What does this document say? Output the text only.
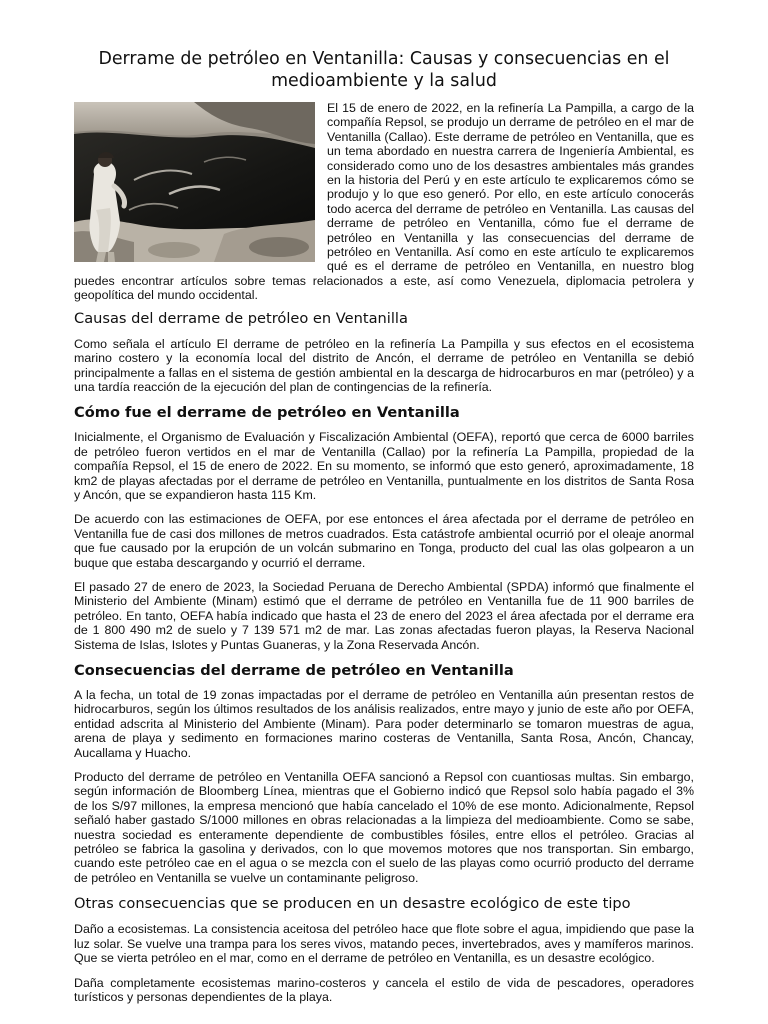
Derrame de petróleo en Ventanilla: Causas y consecuencias en el medioambiente y la salud

El 15 de enero de 2022, en la refinería La Pampilla, a cargo de la compañía Repsol, se produjo un derrame de petróleo en el mar de Ventanilla (Callao). Este derrame de petróleo en Ventanilla, que es un tema abordado en nuestra carrera de Ingeniería Ambiental, es considerado como uno de los desastres ambientales más grandes en la historia del Perú y en este artículo te explicaremos cómo se produjo y lo que eso generó. Por ello, en este artículo conocerás todo acerca del derrame de petróleo en Ventanilla. Las causas del derrame de petróleo en Ventanilla, cómo fue el derrame de petróleo en Ventanilla y las consecuencias del derrame de petróleo en Ventanilla. Así como en este artículo te explicaremos qué es el derrame de petróleo en Ventanilla, en nuestro blog puedes encontrar artículos sobre temas relacionados a este, así como Venezuela, diplomacia petrolera y geopolítica del mundo occidental.

Causas del derrame de petróleo en Ventanilla

Como señala el artículo El derrame de petróleo en la refinería La Pampilla y sus efectos en el ecosistema marino costero y la economía local del distrito de Ancón, el derrame de petróleo en Ventanilla se debió principalmente a fallas en el sistema de gestión ambiental en la descarga de hidrocarburos en mar (petróleo) y a una tardía reacción de la ejecución del plan de contingencias de la refinería.

Cómo fue el derrame de petróleo en Ventanilla

Inicialmente, el Organismo de Evaluación y Fiscalización Ambiental (OEFA), reportó que cerca de 6000 barriles de petróleo fueron vertidos en el mar de Ventanilla (Callao) por la refinería La Pampilla, propiedad de la compañía Repsol, el 15 de enero de 2022. En su momento, se informó que esto generó, aproximadamente, 18 km2 de playas afectadas por el derrame de petróleo en Ventanilla, puntualmente en los distritos de Santa Rosa y Ancón, que se expandieron hasta 115 Km.

De acuerdo con las estimaciones de OEFA, por ese entonces el área afectada por el derrame de petróleo en Ventanilla fue de casi dos millones de metros cuadrados. Esta catástrofe ambiental ocurrió por el oleaje anormal que fue causado por la erupción de un volcán submarino en Tonga, producto del cual las olas golpearon a un buque que estaba descargando y ocurrió el derrame.

El pasado 27 de enero de 2023, la Sociedad Peruana de Derecho Ambiental (SPDA) informó que finalmente el Ministerio del Ambiente (Minam) estimó que el derrame de petróleo en Ventanilla fue de 11 900 barriles de petróleo. En tanto, OEFA había indicado que hasta el 23 de enero del 2023 el área afectada por el derrame era de 1 800 490 m2 de suelo y 7 139 571 m2 de mar. Las zonas afectadas fueron playas, la Reserva Nacional Sistema de Islas, Islotes y Puntas Guaneras, y la Zona Reservada Ancón.

Consecuencias del derrame de petróleo en Ventanilla

A la fecha, un total de 19 zonas impactadas por el derrame de petróleo en Ventanilla aún presentan restos de hidrocarburos, según los últimos resultados de los análisis realizados, entre mayo y junio de este año por OEFA, entidad adscrita al Ministerio del Ambiente (Minam). Para poder determinarlo se tomaron muestras de agua, arena de playa y sedimento en formaciones marino costeras de Ventanilla, Santa Rosa, Ancón, Chancay, Aucallama y Huacho.

Producto del derrame de petróleo en Ventanilla OEFA sancionó a Repsol con cuantiosas multas. Sin embargo, según información de Bloomberg Línea, mientras que el Gobierno indicó que Repsol solo había pagado el 3% de los S/97 millones, la empresa mencionó que había cancelado el 10% de ese monto. Adicionalmente, Repsol señaló haber gastado S/1000 millones en obras relacionadas a la limpieza del medioambiente. Como se sabe, nuestra sociedad es enteramente dependiente de combustibles fósiles, entre ellos el petróleo. Gracias al petróleo se fabrica la gasolina y derivados, con lo que movemos motores que nos transportan. Sin embargo, cuando este petróleo cae en el agua o se mezcla con el suelo de las playas como ocurrió producto del derrame de petróleo en Ventanilla se vuelve un contaminante peligroso.

Otras consecuencias que se producen en un desastre ecológico de este tipo

Daño a ecosistemas. La consistencia aceitosa del petróleo hace que flote sobre el agua, impidiendo que pase la luz solar. Se vuelve una trampa para los seres vivos, matando peces, invertebrados, aves y mamíferos marinos. Que se vierta petróleo en el mar, como en el derrame de petróleo en Ventanilla, es un desastre ecológico.

Daña completamente ecosistemas marino-costeros y cancela el estilo de vida de pescadores, operadores turísticos y personas dependientes de la playa.
